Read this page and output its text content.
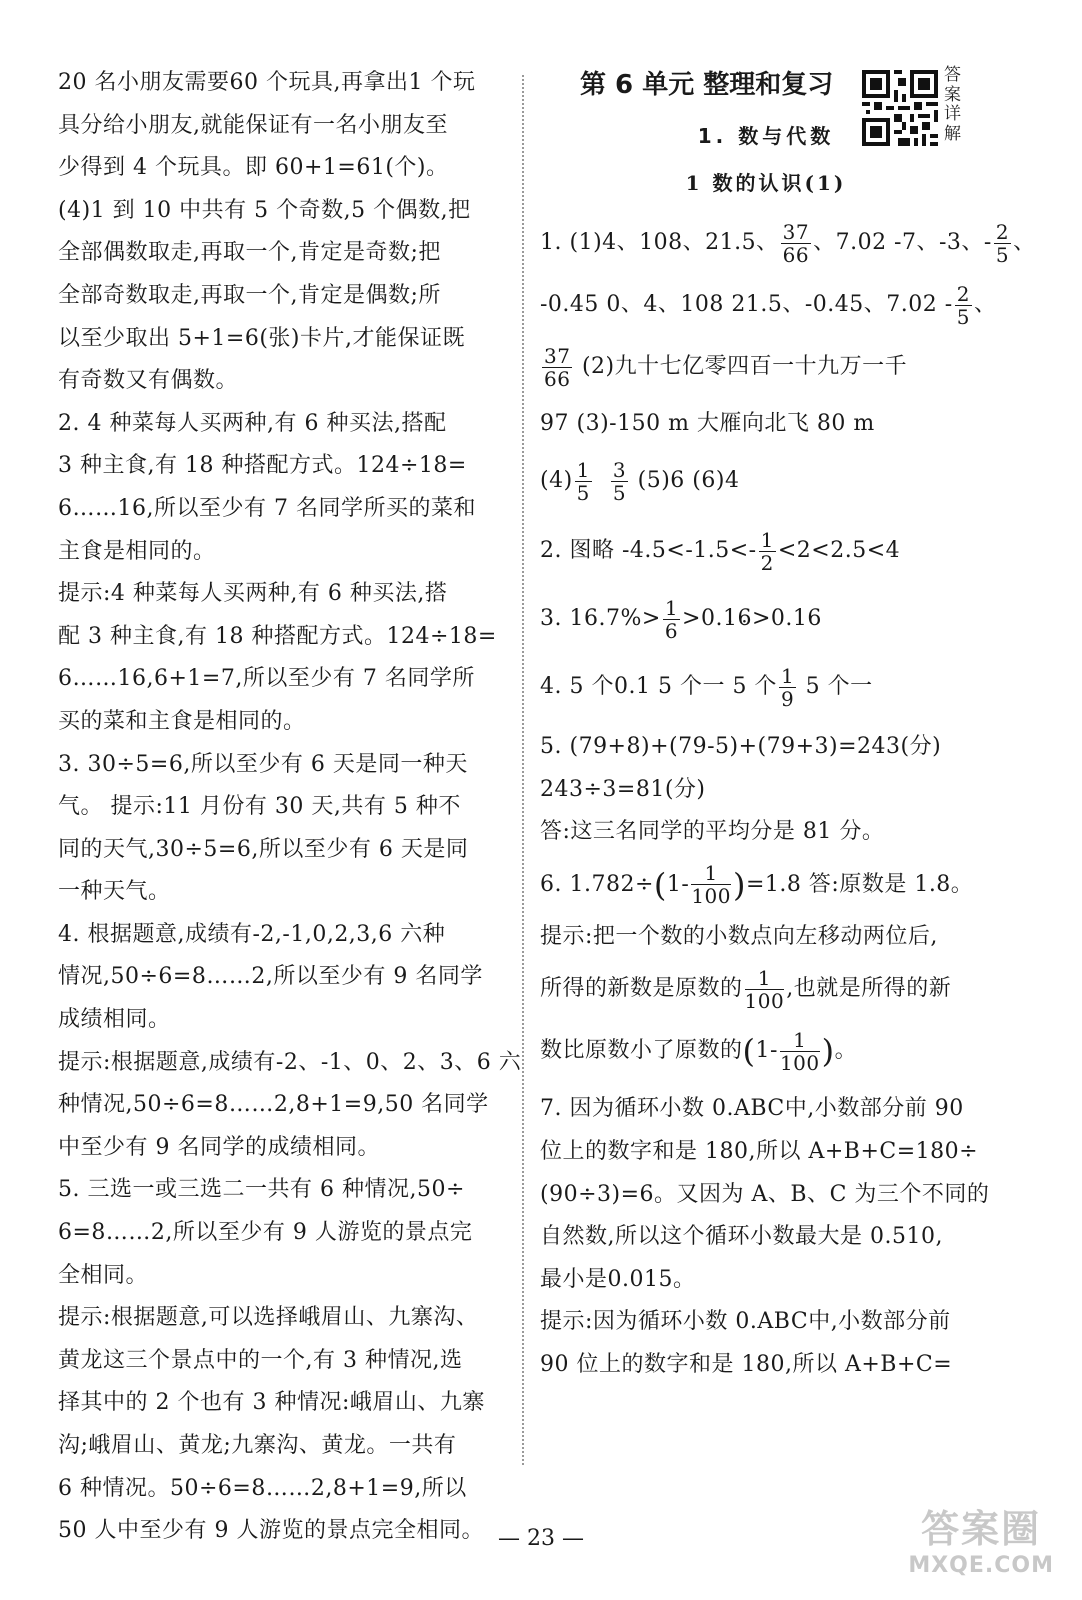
20 名小朋友需要60 个玩具,再拿出1 个玩
具分给小朋友,就能保证有一名小朋友至
少得到 4 个玩具。即 60+1=61(个)。
(4)1 到 10 中共有 5 个奇数,5 个偶数,把
全部偶数取走,再取一个,肯定是奇数;把
全部奇数取走,再取一个,肯定是偶数;所
以至少取出 5+1=6(张)卡片,才能保证既
有奇数又有偶数。
2. 4 种菜每人买两种,有 6 种买法,搭配
3 种主食,有 18 种搭配方式。124÷18=
6……16,所以至少有 7 名同学所买的菜和
主食是相同的。
提示:4 种菜每人买两种,有 6 种买法,搭
配 3 种主食,有 18 种搭配方式。124÷18=
6……16,6+1=7,所以至少有 7 名同学所
买的菜和主食是相同的。
3. 30÷5=6,所以至少有 6 天是同一种天
气。 提示:11 月份有 30 天,共有 5 种不
同的天气,30÷5=6,所以至少有 6 天是同
一种天气。
4. 根据题意,成绩有-2,-1,0,2,3,6 六种
情况,50÷6=8……2,所以至少有 9 名同学
成绩相同。
提示:根据题意,成绩有-2、-1、0、2、3、6 六
种情况,50÷6=8……2,8+1=9,50 名同学
中至少有 9 名同学的成绩相同。
5. 三选一或三选二一共有 6 种情况,50÷
6=8……2,所以至少有 9 人游览的景点完
全相同。
提示:根据题意,可以选择峨眉山、九寨沟、
黄龙这三个景点中的一个,有 3 种情况,选
择其中的 2 个也有 3 种情况:峨眉山、九寨
沟;峨眉山、黄龙;九寨沟、黄龙。一共有
6 种情况。50÷6=8……2,8+1=9,所以
50 人中至少有 9 人游览的景点完全相同。
答案详解
第 6 单元 整理和复习
1. 数与代数
1 数的认识(1)
1. (1)4、108、21.5、 $\frac{37}{66}$ 、7.02 -7、-3、- $\frac{2}{5}$ 、
-0.45 0、4、108 21.5、-0.45、$7.02 - \frac{2}{5}$ 、
$\frac{37}{66} (2)$九十七亿零四百一十九万一千
97 (3)-150 m 大雁向北飞 80 m
$(4) \frac{1}{5}$
$\frac{3}{5} (5)6$ (6)4
2. 图略 $-4.5<-1.5<- \frac{1}{2} <2<2.5<4$
3. $16.7\%> \frac{1}{6} >0.\cdot 1\cdot 6>0.16$
4. 5 个0.1 5 个一 5 个 $\frac{1}{9} 5$ 个一
5. (79+8)+(79-5)+(79+3)=243(分)
243÷3=81(分)
答:这三名同学的平均分是 81 分。
6. $1.782\div(1- \frac{1}{100} )=1.8$ 答:原数是 1.8。
提示:把一个数的小数点向左移动两位后,
所得的新数是原数的 $\frac{1}{100}$ ,也就是所得的新
数比原数小了原数的($1- \frac{1}{100}$ )。
7. 因为循环小数 0.ABC中,小数部分前 90
位上的数字和是 180,所以 A+B+C=180÷
(90÷3)=6。又因为 A、B、C 为三个不同的
自然数,所以这个循环小数最大是 0.510,
最小是0.015。
提示:因为循环小数 0.ABC中,小数部分前
90 位上的数字和是 180,所以 A+B+C=
— 23 —	答案圈
MXQE.COM
